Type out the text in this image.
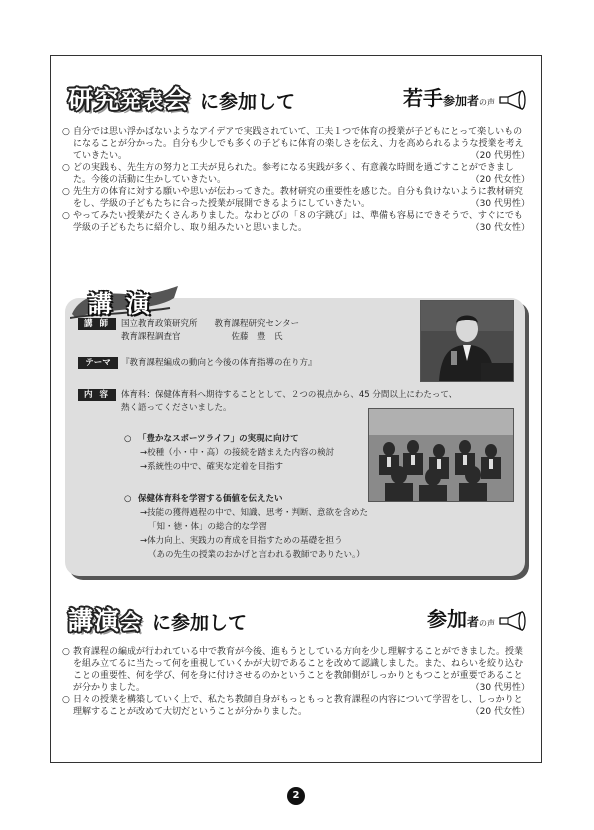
研究発表会 に参加して	若手 参加者 の声
○ 自分では思い浮かばないようなアイデアで実践されていて、工夫１つで体育の授業が子どもにとって楽しいものになることが分かった。自分も少しでも多くの子どもに体育の楽しさを伝え、力を高められるような授業を考えていきたい。	（20 代男性）
○ どの実践も、先生方の努力と工夫が見られた。参考になる実践が多く、有意義な時間を過ごすことができました。今後の活動に生かしていきたい。	（20 代女性）
○ 先生方の体育に対する願いや思いが伝わってきた。教材研究の重要性を感じた。自分も負けないように教材研究をし、学級の子どもたちに合った授業が展開できるようにしていきたい。	（30 代男性）
○ やってみたい授業がたくさんありました。なわとびの「８の字跳び」は、準備も容易にできそうで、すぐにでも学級の子どもたちに紹介し、取り組みたいと思いました。	（30 代女性）
講演
講 師	国立教育政策研究所　　教育課程研究センター
教育課程調査官　　　　　　佐藤　豊　氏
テーマ	『教育課程編成の動向と今後の体育指導の在り方』
内 容	体育科：保健体育科へ期待することとして、２つの視点から、45 分間以上にわたって、
熱く語ってくださいました。
○ 「豊かなスポーツライフ」の実現に向けて
→校種（小・中・高）の接続を踏まえた内容の検討
→系統性の中で、確実な定着を目指す
○ 保健体育科を学習する価値を伝えたい
→技能の獲得過程の中で、知識、思考・判断、意欲を含めた
「知・徳・体」の総合的な学習
→体力向上、実践力の育成を目指すための基礎を担う
（あの先生の授業のおかげと言われる教師でありたい。）
講演会 に参加して	参加 者 の声
○ 教育課程の編成が行われている中で教育が今後、進もうとしている方向を少し理解することができました。授業を組み立てるに当たって何を重視していくかが大切であることを改めて認識しました。また、ねらいを絞り込むことの重要性、何を学び、何を身に付けさせるのかということを教師側がしっかりともつことが重要であることが分かりました。	（30 代男性）
○ 日々の授業を構築していく上で、私たち教師自身がもっともっと教育課程の内容について学習をし、しっかりと理解することが改めて大切だということが分かりました。	（20 代女性）
2
